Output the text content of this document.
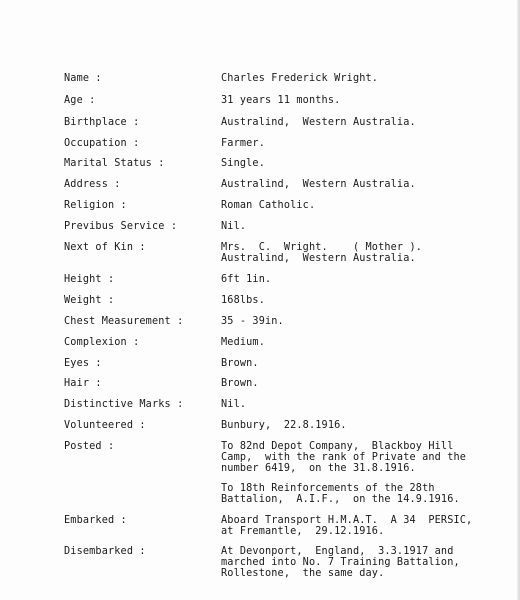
Name :	Charles Frederick Wright.
Age :	31 years 11 months.
Birthplace :	Australind,  Western Australia.
Occupation :	Farmer.
Marital Status :	Single.
Address :	Australind,  Western Australia.
Religion :	Roman Catholic.
Previbus Service :	Nil.
Next of Kin :	Mrs.  C.  Wright.    ( Mother ).
Australind,  Western Australia.
Height :	6ft 1in.
Weight :	168lbs.
Chest Measurement :	35 - 39in.
Complexion :	Medium.
Eyes :	Brown.
Hair :	Brown.
Distinctive Marks :	Nil.
Volunteered :	Bunbury,  22.8.1916.
Posted :	To 82nd Depot Company,  Blackboy Hill
Camp,  with the rank of Private and the
number 6419,  on the 31.8.1916.
To 18th Reinforcements of the 28th
Battalion,  A.I.F.,  on the 14.9.1916.
Embarked :	Aboard Transport H.M.A.T.  A 34  PERSIC,
at Fremantle,  29.12.1916.
Disembarked :	At Devonport,  England,  3.3.1917 and
marched into No. 7 Training Battalion,
Rollestone,  the same day.
